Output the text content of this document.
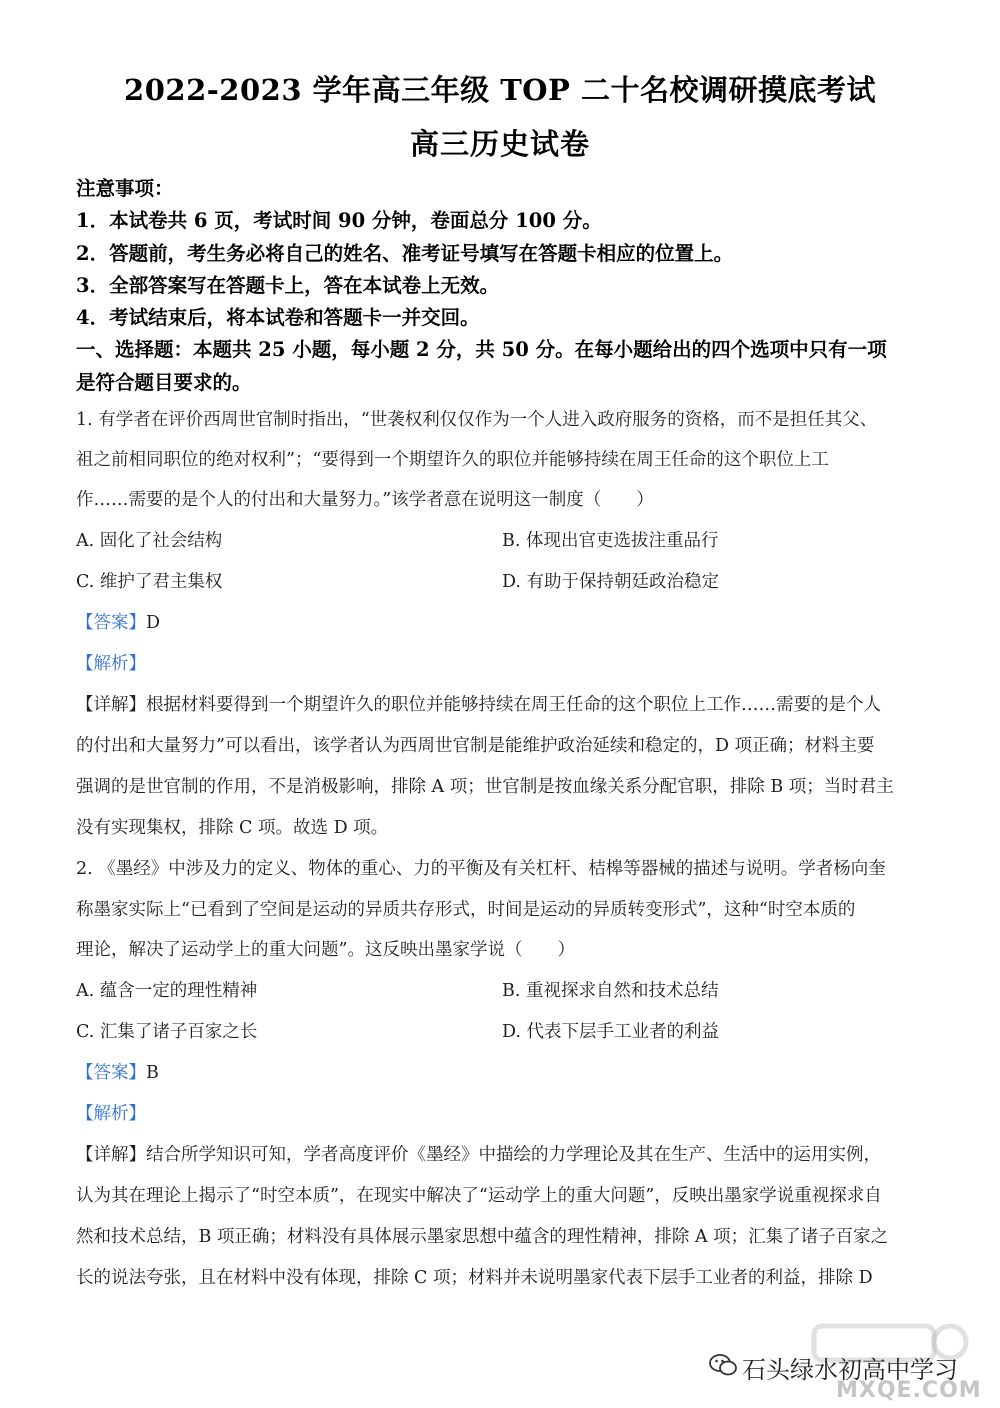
2022-2023 学年高三年级 TOP 二十名校调研摸底考试
高三历史试卷
注意事项：
1．本试卷共 6 页，考试时间 90 分钟，卷面总分 100 分。
2．答题前，考生务必将自己的姓名、准考证号填写在答题卡相应的位置上。
3．全部答案写在答题卡上，答在本试卷上无效。
4．考试结束后，将本试卷和答题卡一并交回。
一、选择题：本题共 25 小题，每小题 2 分，共 50 分。在每小题给出的四个选项中只有一项
是符合题目要求的。
1. 有学者在评价西周世官制时指出，“世袭权利仅仅作为一个人进入政府服务的资格，而不是担任其父、
祖之前相同职位的绝对权利”；“要得到一个期望许久的职位并能够持续在周王任命的这个职位上工
作……需要的是个人的付出和大量努力。”该学者意在说明这一制度（　　）
A. 固化了社会结构	B. 体现出官吏选拔注重品行
C. 维护了君主集权	D. 有助于保持朝廷政治稳定
【答案】D
【解析】
【详解】根据材料要得到一个期望许久的职位并能够持续在周王任命的这个职位上工作……需要的是个人
的付出和大量努力”可以看出，该学者认为西周世官制是能维护政治延续和稳定的，D 项正确；材料主要
强调的是世官制的作用，不是消极影响，排除 A 项；世官制是按血缘关系分配官职，排除 B 项；当时君主
没有实现集权，排除 C 项。故选 D 项。
2. 《墨经》中涉及力的定义、物体的重心、力的平衡及有关杠杆、桔槔等器械的描述与说明。学者杨向奎
称墨家实际上“已看到了空间是运动的异质共存形式，时间是运动的异质转变形式”，这种“时空本质的
理论，解决了运动学上的重大问题”。这反映出墨家学说（　　）
A. 蕴含一定的理性精神	B. 重视探求自然和技术总结
C. 汇集了诸子百家之长	D. 代表下层手工业者的利益
【答案】B
【解析】
【详解】结合所学知识可知，学者高度评价《墨经》中描绘的力学理论及其在生产、生活中的运用实例，
认为其在理论上揭示了“时空本质”，在现实中解决了“运动学上的重大问题”，反映出墨家学说重视探求自
然和技术总结，B 项正确；材料没有具体展示墨家思想中蕴含的理性精神，排除 A 项；汇集了诸子百家之
长的说法夸张，且在材料中没有体现，排除 C 项；材料并未说明墨家代表下层手工业者的利益，排除 D
石头绿水初高中学习
MXQE.COM
